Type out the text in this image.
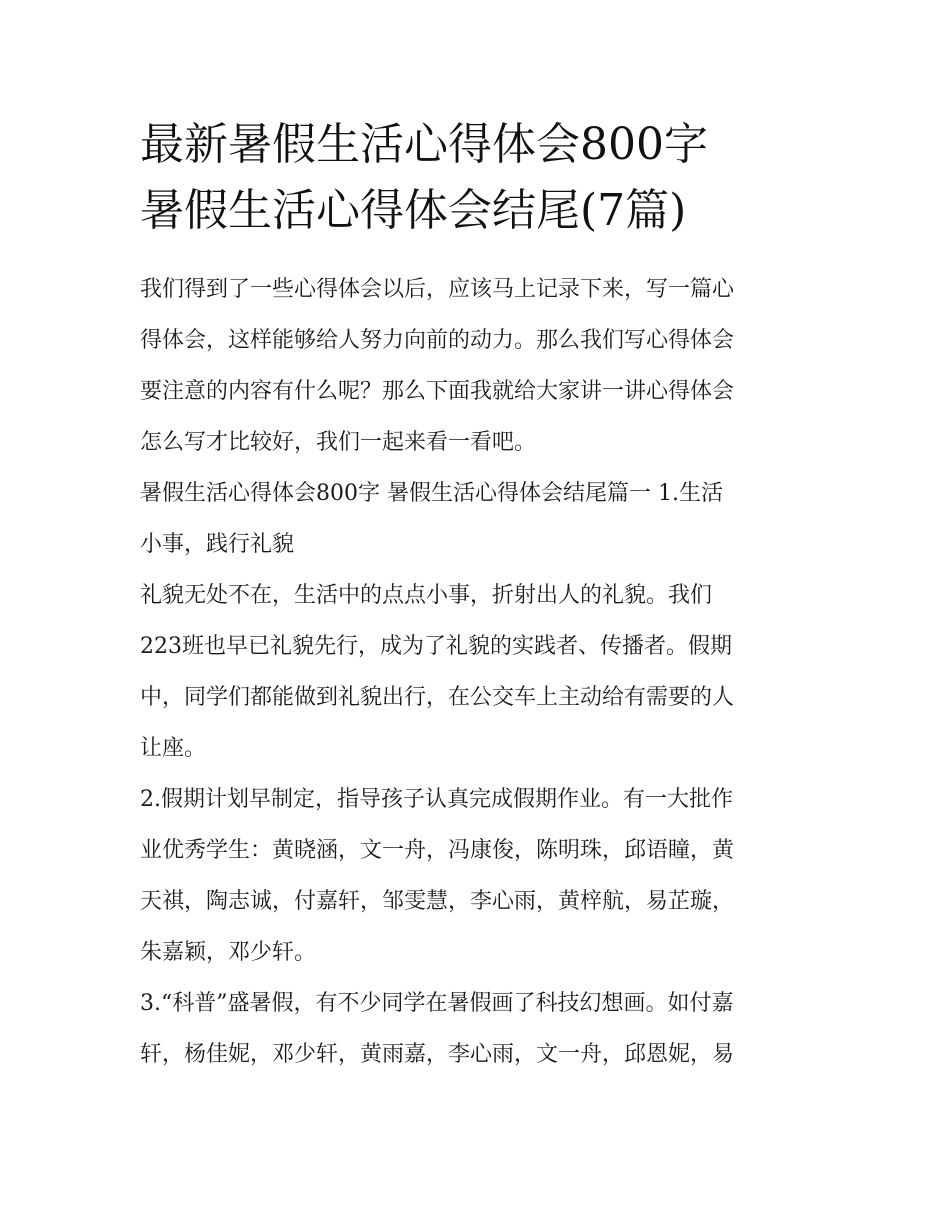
最新暑假生活心得体会800字
暑假生活心得体会结尾(7篇)

我们得到了一些心得体会以后，应该马上记录下来，写一篇心
得体会，这样能够给人努力向前的动力。那么我们写心得体会
要注意的内容有什么呢？那么下面我就给大家讲一讲心得体会
怎么写才比较好，我们一起来看一看吧。

暑假生活心得体会800字 暑假生活心得体会结尾篇一 1.生活
小事，践行礼貌

礼貌无处不在，生活中的点点小事，折射出人的礼貌。我们
223班也早已礼貌先行，成为了礼貌的实践者、传播者。假期
中，同学们都能做到礼貌出行，在公交车上主动给有需要的人
让座。

2.假期计划早制定，指导孩子认真完成假期作业。有一大批作
业优秀学生：黄晓涵，文一舟，冯康俊，陈明珠，邱语瞳，黄
天祺，陶志诚，付嘉轩，邹雯慧，李心雨，黄梓航，易芷璇，
朱嘉颖，邓少轩。

3.“科普”盛暑假，有不少同学在暑假画了科技幻想画。如付嘉
轩，杨佳妮，邓少轩，黄雨嘉，李心雨，文一舟，邱恩妮，易
